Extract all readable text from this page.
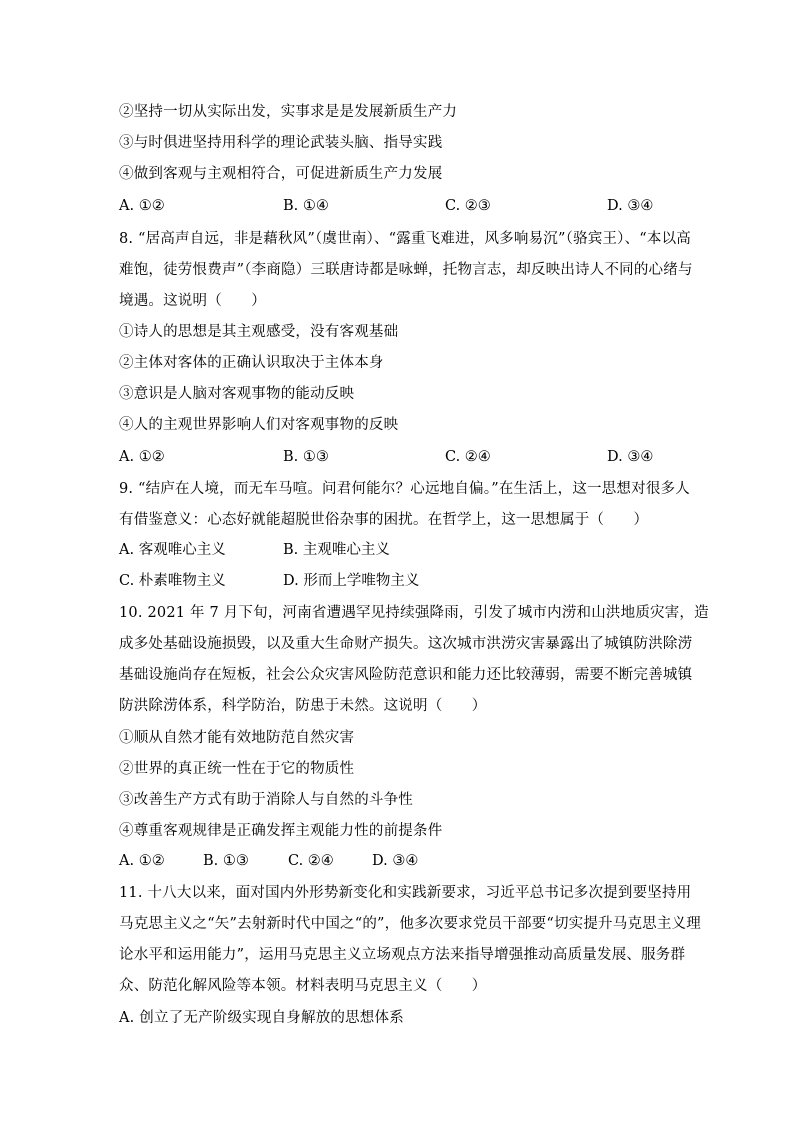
②坚持一切从实际出发，实事求是是发展新质生产力
③与时俱进坚持用科学的理论武装头脑、指导实践
④做到客观与主观相符合，可促进新质生产力发展
A. ①②	B. ①④	C. ②③	D. ③④
8. “居高声自远，非是藉秋风”（虞世南）、“露重飞难进，风多响易沉”（骆宾王）、“本以高
难饱，徒劳恨费声”（李商隐）三联唐诗都是咏蝉，托物言志，却反映出诗人不同的心绪与
境遇。这说明（　　）
①诗人的思想是其主观感受，没有客观基础
②主体对客体的正确认识取决于主体本身
③意识是人脑对客观事物的能动反映
④人的主观世界影响人们对客观事物的反映
A. ①②	B. ①③	C. ②④	D. ③④
9. “结庐在人境，而无车马喧。问君何能尔？心远地自偏。”在生活上，这一思想对很多人
有借鉴意义：心态好就能超脱世俗杂事的困扰。在哲学上，这一思想属于（　　）
A. 客观唯心主义	B. 主观唯心主义
C. 朴素唯物主义	D. 形而上学唯物主义
10. 2021 年 7 月下旬，河南省遭遇罕见持续强降雨，引发了城市内涝和山洪地质灾害，造
成多处基础设施损毁，以及重大生命财产损失。这次城市洪涝灾害暴露出了城镇防洪除涝
基础设施尚存在短板，社会公众灾害风险防范意识和能力还比较薄弱，需要不断完善城镇
防洪除涝体系，科学防治，防患于未然。这说明（　　）
①顺从自然才能有效地防范自然灾害
②世界的真正统一性在于它的物质性
③改善生产方式有助于消除人与自然的斗争性
④尊重客观规律是正确发挥主观能力性的前提条件
A. ①②	B. ①③	C. ②④	D. ③④
11. 十八大以来，面对国内外形势新变化和实践新要求，习近平总书记多次提到要坚持用
马克思主义之“矢”去射新时代中国之“的”，他多次要求党员干部要“切实提升马克思主义理
论水平和运用能力”，运用马克思主义立场观点方法来指导增强推动高质量发展、服务群
众、防范化解风险等本领。材料表明马克思主义（　　）
A. 创立了无产阶级实现自身解放的思想体系
